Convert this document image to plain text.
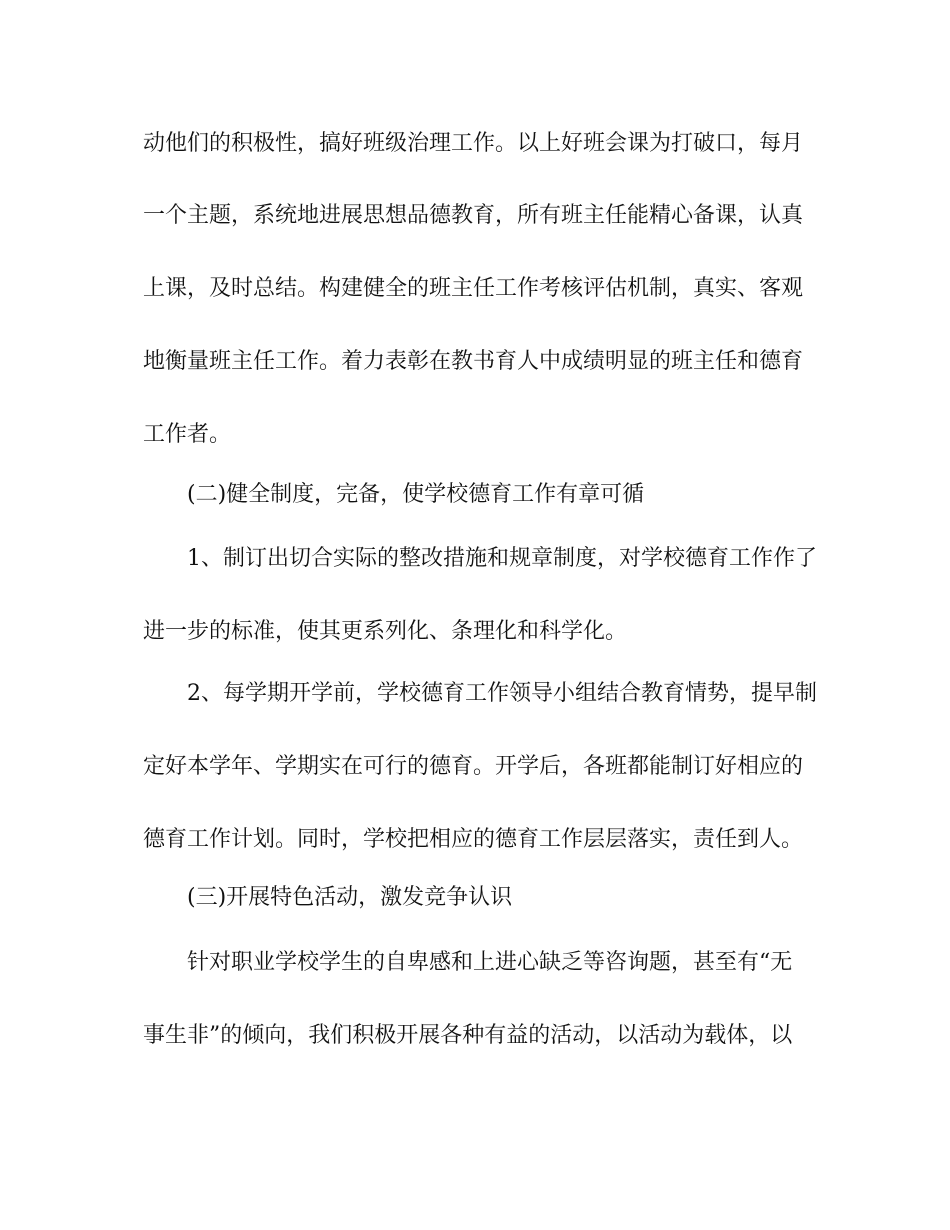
动他们的积极性，搞好班级治理工作。以上好班会课为打破口，每月
一个主题，系统地进展思想品德教育，所有班主任能精心备课，认真
上课，及时总结。构建健全的班主任工作考核评估机制，真实、客观
地衡量班主任工作。着力表彰在教书育人中成绩明显的班主任和德育
工作者。
(二)健全制度，完备，使学校德育工作有章可循
1、制订出切合实际的整改措施和规章制度，对学校德育工作作了
进一步的标准，使其更系列化、条理化和科学化。
2、每学期开学前，学校德育工作领导小组结合教育情势，提早制
定好本学年、学期实在可行的德育。开学后，各班都能制订好相应的
德育工作计划。同时，学校把相应的德育工作层层落实，责任到人。
(三)开展特色活动，激发竞争认识
针对职业学校学生的自卑感和上进心缺乏等咨询题，甚至有“无
事生非”的倾向，我们积极开展各种有益的活动，以活动为载体，以
